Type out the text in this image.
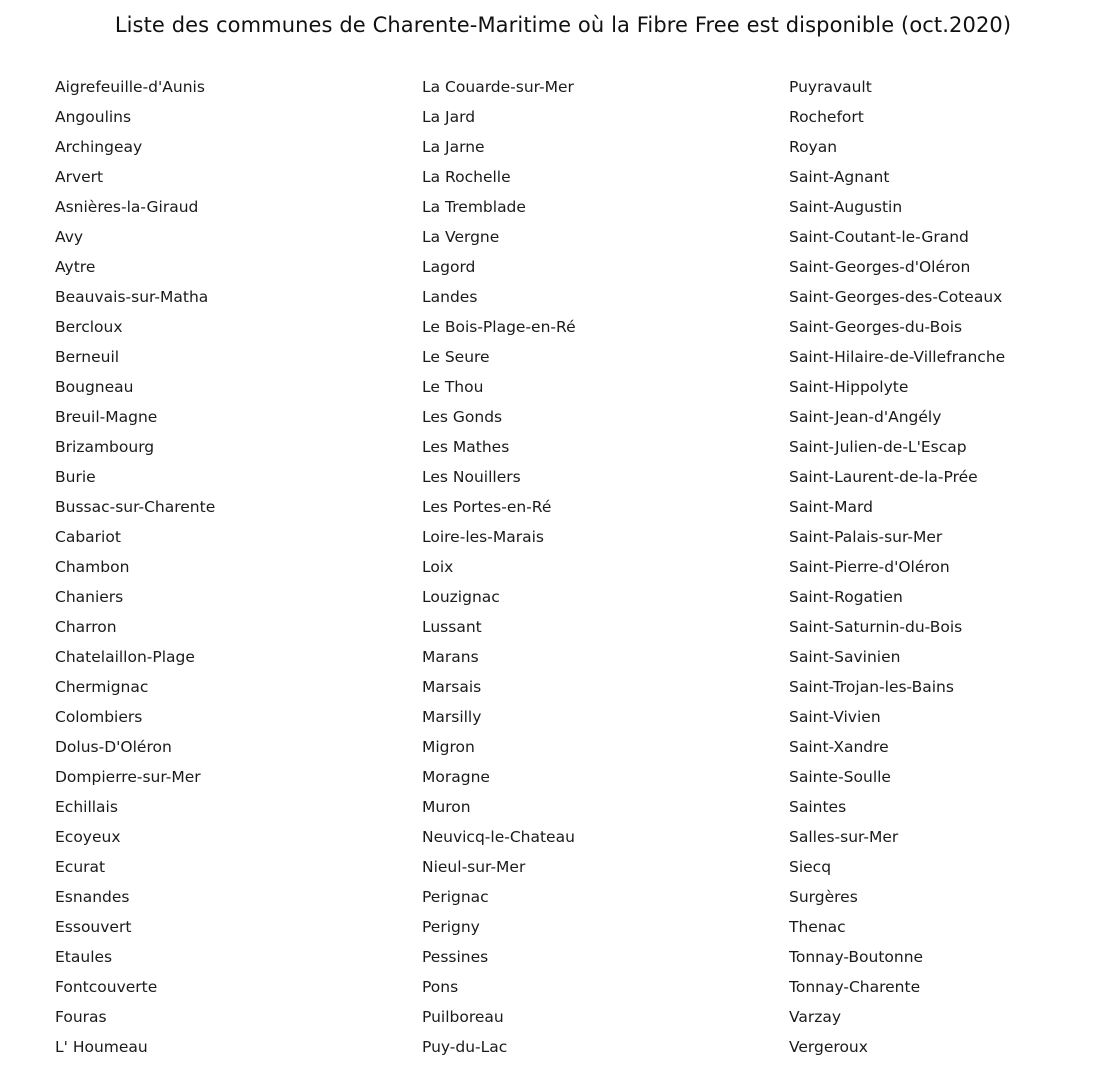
Liste des communes de Charente-Maritime où la Fibre Free est disponible (oct.2020)
Aigrefeuille-d'Aunis
Angoulins
Archingeay
Arvert
Asnières-la-Giraud
Avy
Aytre
Beauvais-sur-Matha
Bercloux
Berneuil
Bougneau
Breuil-Magne
Brizambourg
Burie
Bussac-sur-Charente
Cabariot
Chambon
Chaniers
Charron
Chatelaillon-Plage
Chermignac
Colombiers
Dolus-D'Oléron
Dompierre-sur-Mer
Echillais
Ecoyeux
Ecurat
Esnandes
Essouvert
Etaules
Fontcouverte
Fouras
L' Houmeau
La Couarde-sur-Mer
La Jard
La Jarne
La Rochelle
La Tremblade
La Vergne
Lagord
Landes
Le Bois-Plage-en-Ré
Le Seure
Le Thou
Les Gonds
Les Mathes
Les Nouillers
Les Portes-en-Ré
Loire-les-Marais
Loix
Louzignac
Lussant
Marans
Marsais
Marsilly
Migron
Moragne
Muron
Neuvicq-le-Chateau
Nieul-sur-Mer
Perignac
Perigny
Pessines
Pons
Puilboreau
Puy-du-Lac
Puyravault
Rochefort
Royan
Saint-Agnant
Saint-Augustin
Saint-Coutant-le-Grand
Saint-Georges-d'Oléron
Saint-Georges-des-Coteaux
Saint-Georges-du-Bois
Saint-Hilaire-de-Villefranche
Saint-Hippolyte
Saint-Jean-d'Angély
Saint-Julien-de-L'Escap
Saint-Laurent-de-la-Prée
Saint-Mard
Saint-Palais-sur-Mer
Saint-Pierre-d'Oléron
Saint-Rogatien
Saint-Saturnin-du-Bois
Saint-Savinien
Saint-Trojan-les-Bains
Saint-Vivien
Saint-Xandre
Sainte-Soulle
Saintes
Salles-sur-Mer
Siecq
Surgères
Thenac
Tonnay-Boutonne
Tonnay-Charente
Varzay
Vergeroux
